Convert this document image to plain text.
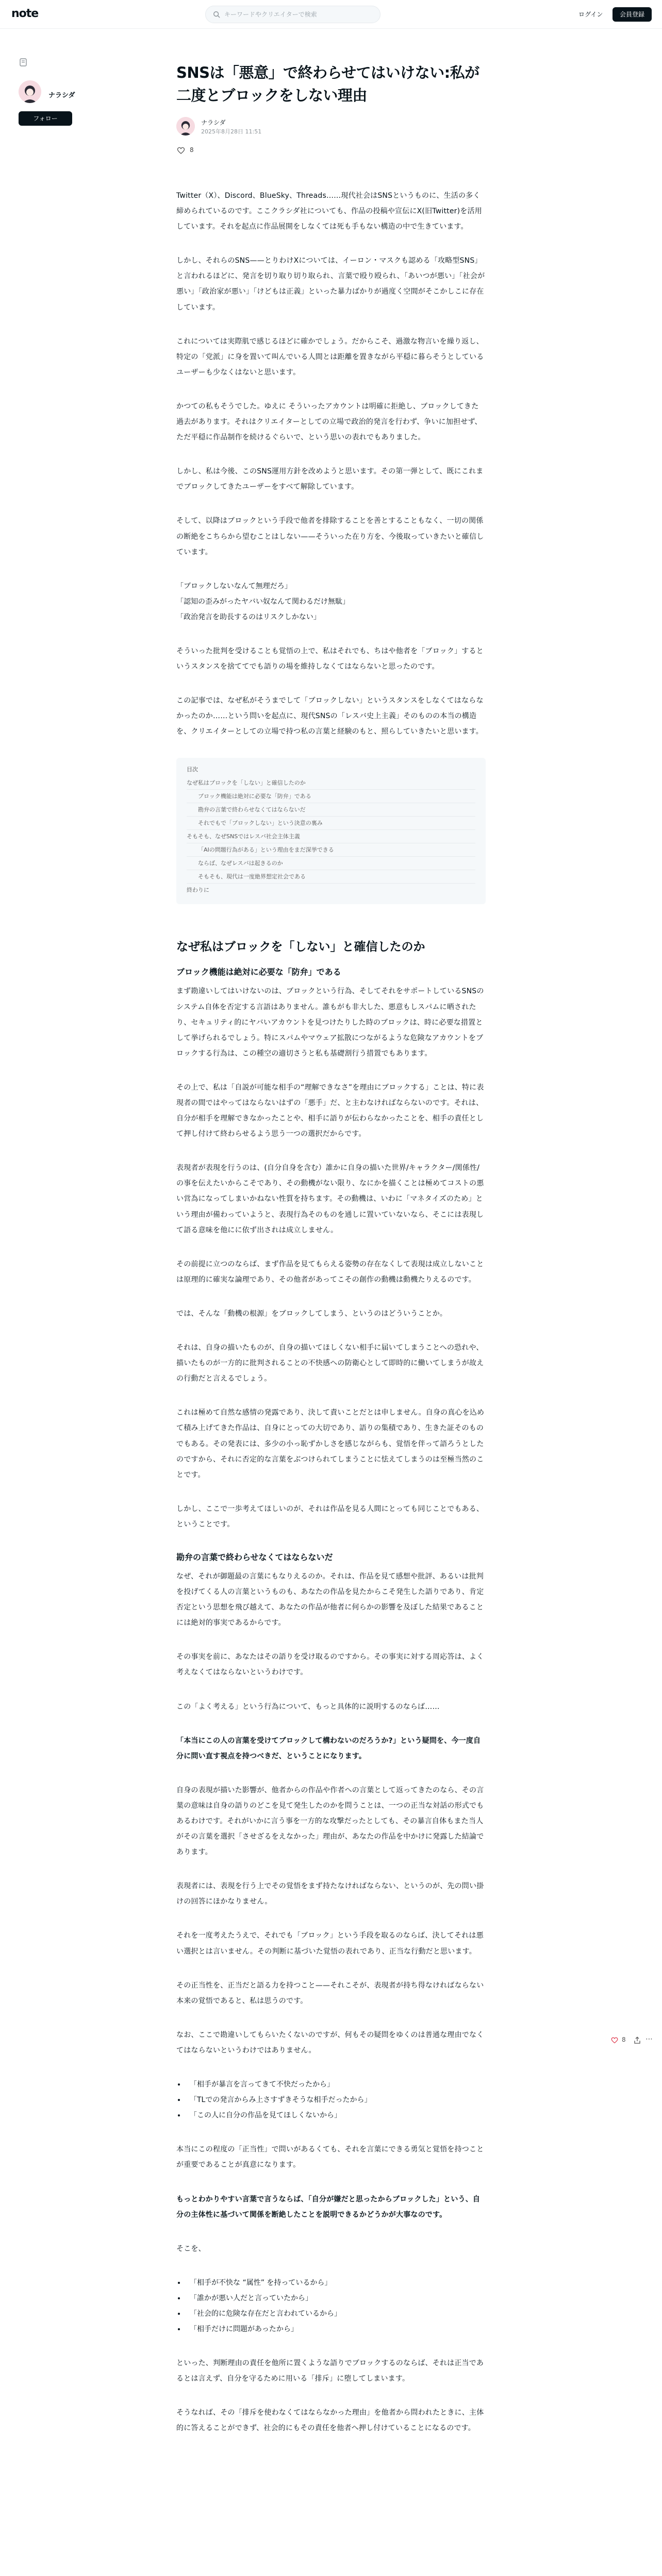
note
キーワードやクリエイターで検索	ログイン	会員登録
ナラシダ
フォロー
SNSは「悪意」で終わらせてはいけない:私が二度とブロックをしない理由
ナラシダ
2025年8月28日 11:51
8

Twitter（X）、Discord、BlueSky、Threads……現代社会はSNSというものに、生活の多く締められているのです。ここクラシダ社についても、作品の投稿や宣伝にX(旧Twitter)を活用しています。それを起点に作品展開をしなくては死も手もない構造の中で生きています。

しかし、それらのSNS——とりわけXについては、イーロン・マスクも認める「攻略型SNS」と言われるほどに、発言を切り取り切り取られ、言葉で殴り殴られ、「あいつが悪い」「社会が悪い」「政治家が悪い」「けどもは正義」といった暴力ばかりが過度く空間がそこかしこに存在しています。

これについては実際肌で感じるほどに確かでしょう。だからこそ、過激な物言いを繰り返し、特定の「党派」に身を置いて叫んでいる人間とは距離を置きながら平穏に暮らそうとしているユーザーも少なくはないと思います。

かつての私もそうでした。ゆえに そういったアカウントは明確に拒絶し、ブロックしてきた過去があります。それはクリエイターとしての立場で政治的発言を行わず、争いに加担せず、ただ平穏に作品制作を続けるぐらいで、という思いの表れでもありました。

しかし、私は今後、このSNS運用方針を改めようと思います。その第一弾として、既にこれまでブロックしてきたユーザーをすべて解除しています。

そして、以降はブロックという手段で他者を排除することを善とすることもなく、一切の関係の断絶をこちらから望むことはしない——そういった在り方を、今後取っていきたいと確信しています。

「ブロックしないなんて無理だろ」
「認知の歪みがったヤバい奴なんて関わるだけ無駄」
「政治発言を助長するのはリスクしかない」

そういった批判を受けることも覚悟の上で、私はそれでも、ちはや他者を「ブロック」するというスタンスを捨ててでも語りの場を維持しなくてはならないと思ったのです。

この記事では、なぜ私がそうまでして「ブロックしない」というスタンスをしなくてはならなかったのか……という問いを起点に、現代SNSの「レスバ史上主義」そのものの本当の構造を、クリエイターとしての立場で持つ私の言葉と経験のもと、照らしていきたいと思います。

目次
なぜ私はブロックを「しない」と確信したのか
ブロック機能は絶対に必要な「防弁」である
勘弁の言葉で終わらせなくてはならないだ
それでもで「ブロックしない」という決意の裏み
そもそも、なぜSNSではレスバ社会主体主義
「AIの問題行為がある」という理由をまだ深挙できる
ならば、なぜレスバは起きるのか
そもそも、現代は一度絶界想定社会である
終わりに
なぜ私はブロックを「しない」と確信したのか
ブロック機能は絶対に必要な「防弁」である

まず勘違いしてはいけないのは、ブロックという行為、そしてそれをサポートしているSNSのシステム自体を否定する言語はありません。誰もがも非大した、悪意もしスパムに晒されたり、セキュリティ的にヤバいアカウントを見つけたりした時のブロックは、時に必要な措置として挙げられるでしょう。特にスパムやマウェア拡散につながるような危険なアカウントをブロックする行為は、この種空の適切さうと私も基礎割行う措置でもあります。

その上で、私は「自説が可能な相手の“理解できなさ”を理由にブロックする」ことは、特に表現者の間ではやってはならないはずの「悪手」だ、と主わなければならないのです。それは、自分が相手を理解できなかったことや、相手に語りが伝わらなかったことを、相手の責任として押し付けて終わらせるよう思う一つの選択だからです。

表現者が表現を行うのは、(自分自身を含む）誰かに自身の描いた世界/キャラクター/関係性/の事を伝えたいからこそであり、その動機がない限り、なにかを描くことは極めてコストの悪い営為になってしまいかねない性質を持ちます。その動機は、いわに「マネタイズのため」という理由が備わっていようと、表現行為そのものを通しに置いていないなら、そこには表現して語る意味を他にに依ず出されは成立しません。

その前提に立つのならば、まず作品を見てもらえる姿勢の存在なくして表現は成立しないことは原理的に確実な論理であり、その他者があってこその創作の動機は動機たりえるのです。

では、そんな「動機の根源」をブロックしてしまう、というのはどういうことか。

それは、自身の描いたものが、自身の描いてほしくない相手に届いてしまうことへの恐れや、描いたものが一方的に批判されることの不快感への防衛心として即時的に働いてしまうが故えの行動だと言えるでしょう。

これは極めて自然な感情の発露であり、決して責いことだとは申しません。自身の真心を込めて積み上げてきた作品は、自身にとっての大切であり、語りの集積であり、生きた証そのものでもある。その発表には、多少の小っ恥ずかしさを感じながらも、覚悟を伴って語ろうとしたのですから、それに否定的な言葉をぶつけられてしまうことに怯えてしまうのは至極当然のことです。

しかし、ここで一歩考えてほしいのが、それは作品を見る人間にとっても同じことでもある、ということです。

勘弁の言葉で終わらせなくてはならないだ

なぜ、それが御題最の言葉にもなりえるのか。それは、作品を見て感想や批評、あるいは批判を投げてくる人の言葉というものも、あなたの作品を見たからこそ発生した語りであり、肯定否定という思想を飛び越えて、あなたの作品が他者に何らかの影響を及ぼした結果であることには絶対的事実であるからです。

その事実を前に、あなたはその語りを受け取るのですから。その事実に対する周応答は、よく考えなくてはならないというわけです。

この「よく考える」という行為について、もっと具体的に説明するのならば……

「本当にこの人の言葉を受けてブロックして構わないのだろうか?」という疑問を、今一度自分に問い直す視点を持つべきだ、ということになります。

自身の表現が描いた影響が、他者からの作品や作者への言葉として返ってきたのなら、その言葉の意味は自身の語りのどこを見て発生したのかを問うことは、一つの正当な対話の形式でもあるわけです。それがいかに言う事を一方的な攻撃だったとしても、その暴言自体もまた当人がその言葉を選択「させざるをえなかった」理由が、あなたの作品を中かけに発露した結論であります。

表現者には、表現を行う上でその覚悟をまず持たなければならない、というのが、先の問い掛けの回答にほかなりません。

それを一度考えたうえで、それでも「ブロック」という手段を取るのならば、決してそれは悪い選択とは言いません。その判断に基づいた覚悟の表れであり、正当な行動だと思います。

その正当性を、正当だと語る力を持つこと——それこそが、表現者が持ち得なければならない本来の覚悟であると、私は思うのです。

なお、ここで勘違いしてもらいたくないのですが、何もその疑問をゆくのは普通な理由でなくてはならないというわけではありません。

• 「相手が暴言を言ってきて不快だったから」
• 「TLでの発言からみ上さすずきそうな相手だったから」
• 「この人に自分の作品を見てほしくないから」

本当にこの程度の「正当性」で問いがあるくても、それを言葉にできる勇気と覚悟を持つことが重要であることが真意になります。

もっとわかりやすい言葉で言うならば、「自分が嫌だと思ったからブロックした」という、自分の主体性に基づいて関係を断絶したことを説明できるかどうかが大事なのです。

そこを、

• 「相手が不快な “属性” を持っているから」
• 「誰かが悪い人だと言っていたから」
• 「社会的に危険な存在だと言われているから」
• 「相手だけに問題があったから」

といった、判断理由の責任を他所に置くような語りでブロックするのならば、それは正当であるとは言えず、自分を守るために用いる「排斥」に堕してしまいます。

そうなれば、その「排斥を使わなくてはならなかった理由」を他者から問われたときに、主体的に答えることができず、社会的にもその責任を他者へ押し付けていることになるのです。

8	⋯
